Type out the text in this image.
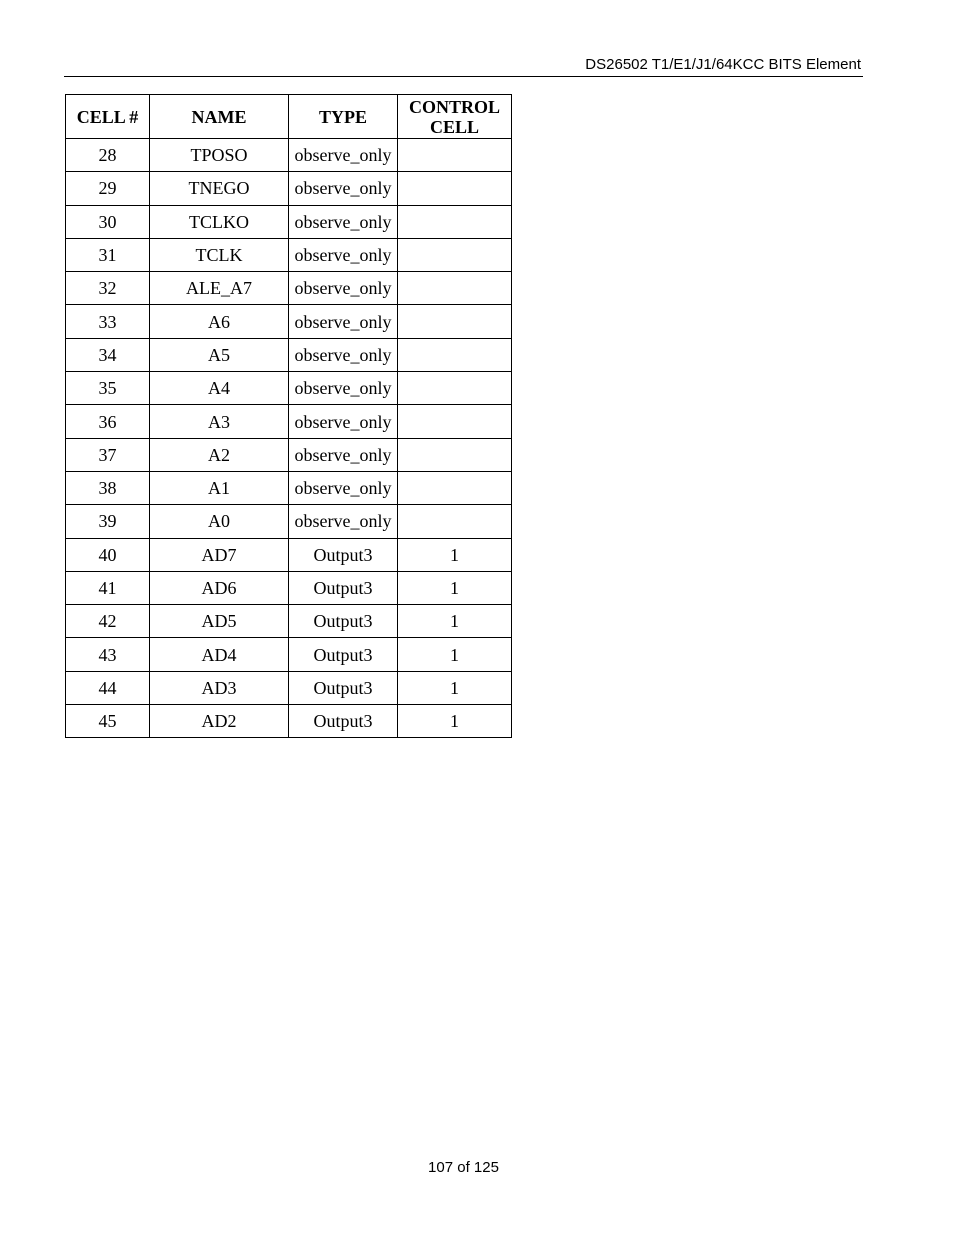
DS26502 T1/E1/J1/64KCC BITS Element
CELL #	NAME	TYPE	CONTROL
CELL
28	TPOSO	observe_only	
29	TNEGO	observe_only	
30	TCLKO	observe_only	
31	TCLK	observe_only	
32	ALE_A7	observe_only	
33	A6	observe_only	
34	A5	observe_only	
35	A4	observe_only	
36	A3	observe_only	
37	A2	observe_only	
38	A1	observe_only	
39	A0	observe_only	
40	AD7	Output3	1
41	AD6	Output3	1
42	AD5	Output3	1
43	AD4	Output3	1
44	AD3	Output3	1
45	AD2	Output3	1
107 of 125
